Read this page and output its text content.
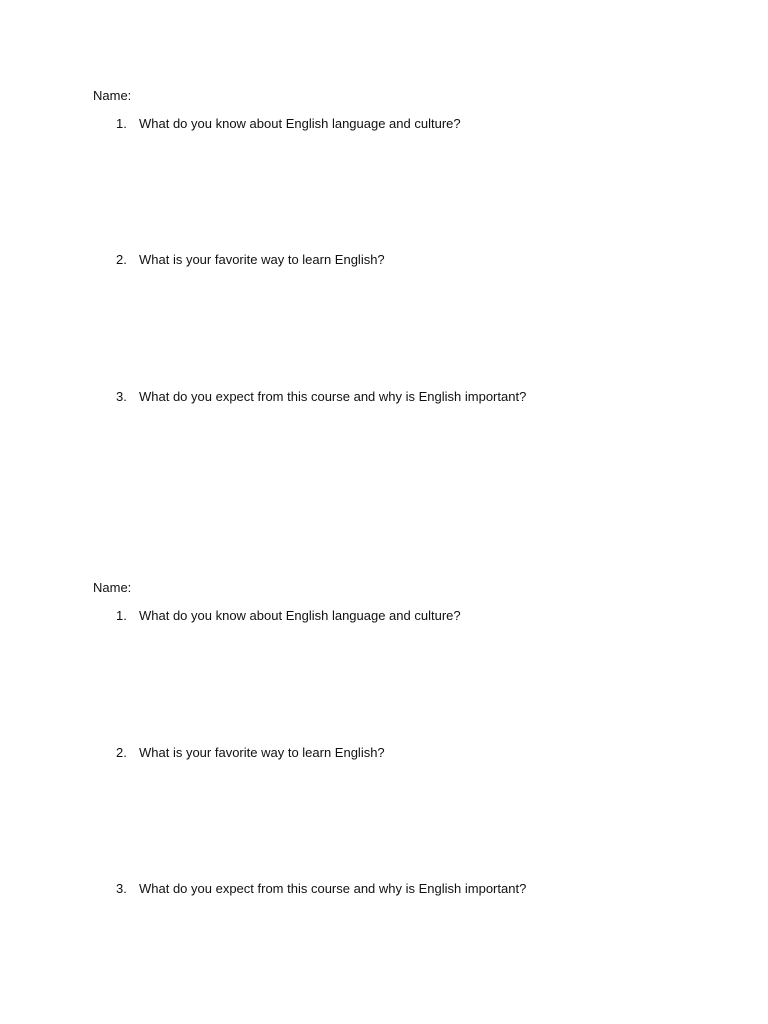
Name:
1. What do you know about English language and culture?
2. What is your favorite way to learn English?
3. What do you expect from this course and why is English important?
Name:
1. What do you know about English language and culture?
2. What is your favorite way to learn English?
3. What do you expect from this course and why is English important?
